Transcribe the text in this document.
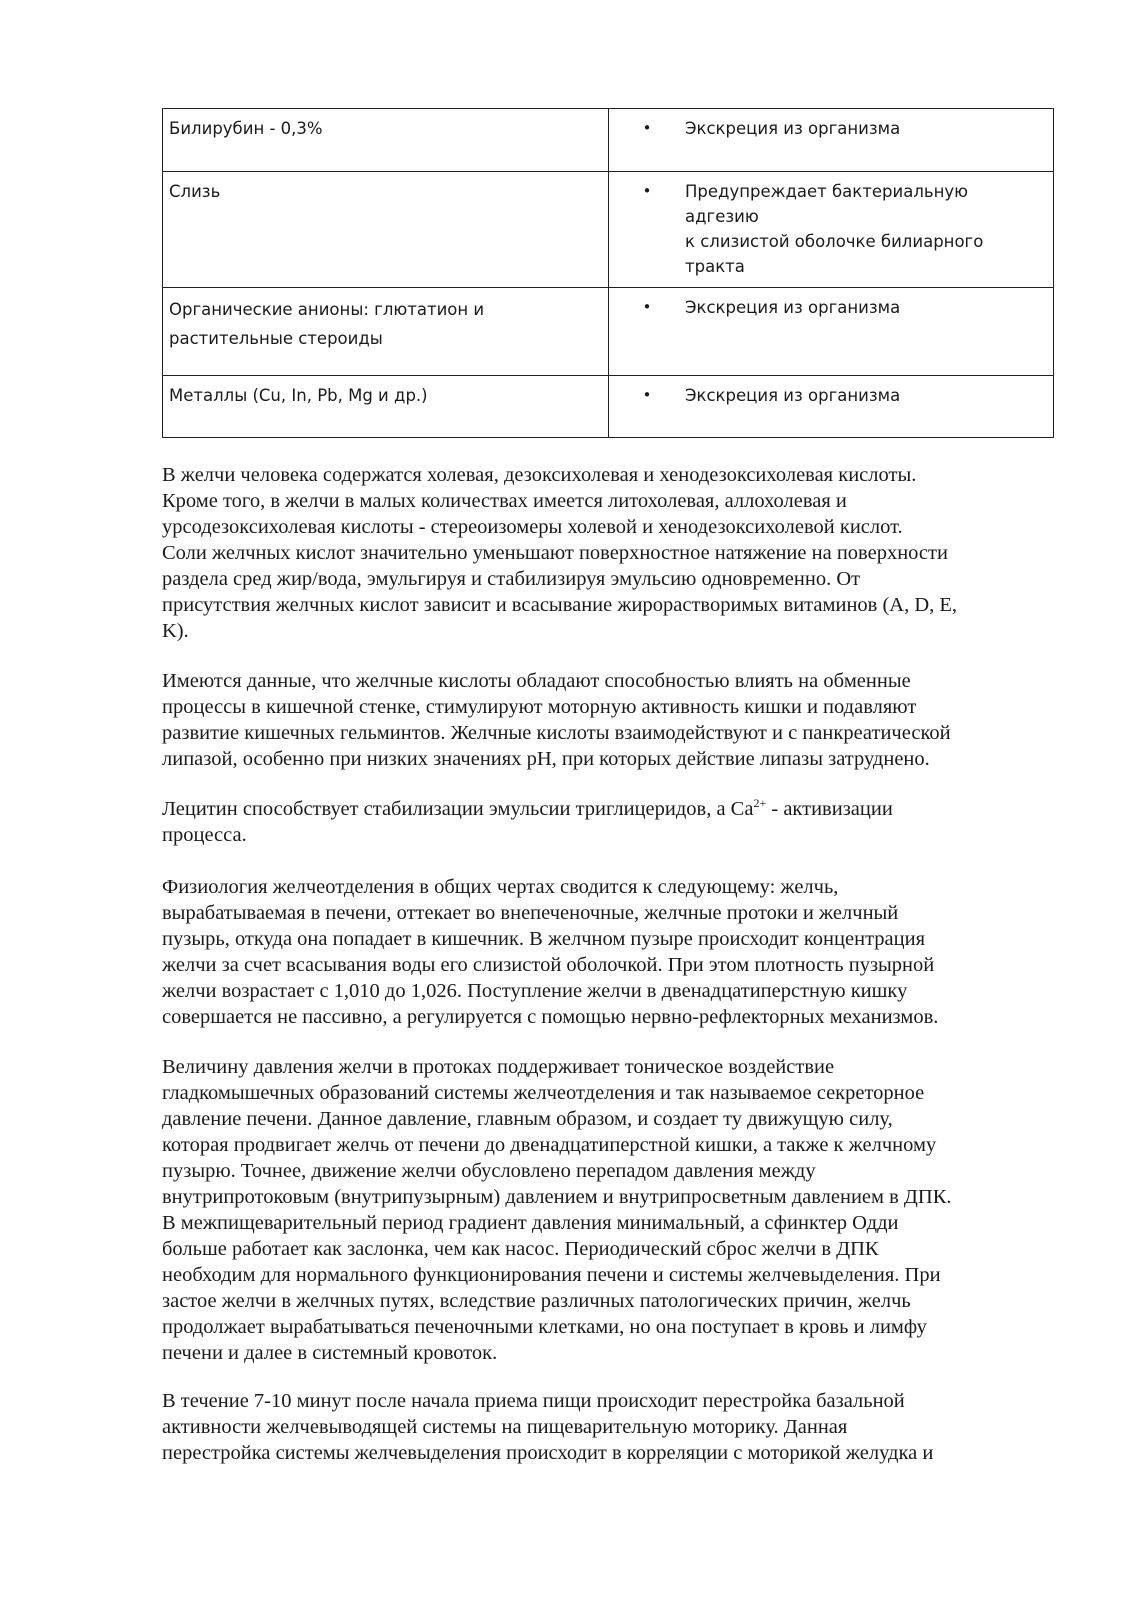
Билирубин - 0,3%	• Экскреция из организма

Слизь	• Предупреждает бактериальную адгезию
к слизистой оболочке билиарного
тракта

Органические анионы: глютатион и
растительные стероиды	• Экскреция из организма

Металлы (Cu, In, Pb, Mg и др.)	• Экскреция из организма

В желчи человека содержатся холевая, дезоксихолевая и хенодезоксихолевая кислоты.
Кроме того, в желчи в малых количествах имеется литохолевая, аллохолевая и
урсодезоксихолевая кислоты - стереоизомеры холевой и хенодезоксихолевой кислот.
Соли желчных кислот значительно уменьшают поверхностное натяжение на поверхности
раздела сред жир/вода, эмульгируя и стабилизируя эмульсию одновременно. От
присутствия желчных кислот зависит и всасывание жирорастворимых витаминов (A, D, E,
K).

Имеются данные, что желчные кислоты обладают способностью влиять на обменные
процессы в кишечной стенке, стимулируют моторную активность кишки и подавляют
развитие кишечных гельминтов. Желчные кислоты взаимодействуют и с панкреатической
липазой, особенно при низких значениях pH, при которых действие липазы затруднено.

Лецитин способствует стабилизации эмульсии триглицеридов, а $Ca^{2+}$ - активизации
процесса.

Физиология желчеотделения в общих чертах сводится к следующему: желчь,
вырабатываемая в печени, оттекает во внепеченочные, желчные протоки и желчный
пузырь, откуда она попадает в кишечник. В желчном пузыре происходит концентрация
желчи за счет всасывания воды его слизистой оболочкой. При этом плотность пузырной
желчи возрастает с 1,010 до 1,026. Поступление желчи в двенадцатиперстную кишку
совершается не пассивно, а регулируется с помощью нервно-рефлекторных механизмов.

Величину давления желчи в протоках поддерживает тоническое воздействие
гладкомышечных образований системы желчеотделения и так называемое секреторное
давление печени. Данное давление, главным образом, и создает ту движущую силу,
которая продвигает желчь от печени до двенадцатиперстной кишки, а также к желчному
пузырю. Точнее, движение желчи обусловлено перепадом давления между
внутрипротоковым (внутрипузырным) давлением и внутрипросветным давлением в ДПК.
В межпищеварительный период градиент давления минимальный, а сфинктер Одди
больше работает как заслонка, чем как насос. Периодический сброс желчи в ДПК
необходим для нормального функционирования печени и системы желчевыделения. При
застое желчи в желчных путях, вследствие различных патологических причин, желчь
продолжает вырабатываться печеночными клетками, но она поступает в кровь и лимфу
печени и далее в системный кровоток.

В течение 7-10 минут после начала приема пищи происходит перестройка базальной
активности желчевыводящей системы на пищеварительную моторику. Данная
перестройка системы желчевыделения происходит в корреляции с моторикой желудка и
